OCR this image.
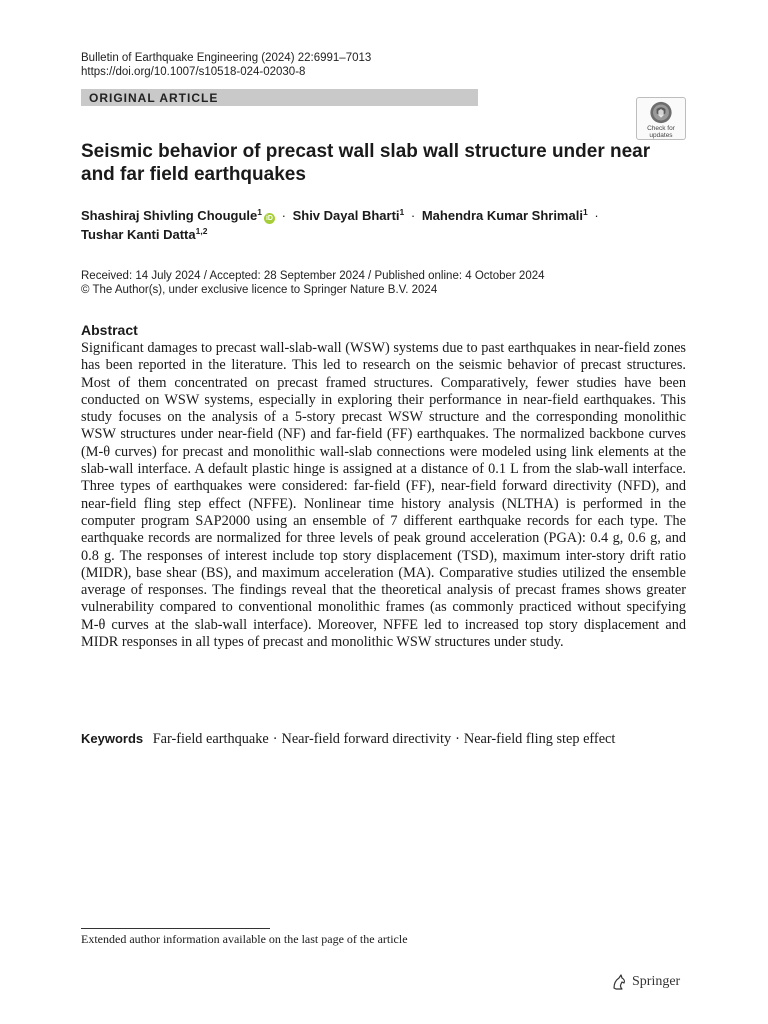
Bulletin of Earthquake Engineering (2024) 22:6991–7013
https://doi.org/10.1007/s10518-024-02030-8
ORIGINAL ARTICLE
Check for
updates
Seismic behavior of precast wall slab wall structure under near and far field earthquakes
Shashiraj Shivling Chougule$^1$iD · Shiv Dayal Bharti$^1$ · Mahendra Kumar Shrimali$^1$ ·
Tushar Kanti Datta$^{1,2}$
Received: 14 July 2024 / Accepted: 28 September 2024 / Published online: 4 October 2024
© The Author(s), under exclusive licence to Springer Nature B.V. 2024
Abstract
Significant damages to precast wall-slab-wall (WSW) systems due to past earthquakes in near-field zones has been reported in the literature. This led to research on the seismic behavior of precast structures. Most of them concentrated on precast framed structures. Comparatively, fewer studies have been conducted on WSW systems, especially in exploring their performance in near-field earthquakes. This study focuses on the analysis of a 5-story precast WSW structure and the corresponding monolithic WSW structures under near-field (NF) and far-field (FF) earthquakes. The normalized backbone curves (M-θ curves) for precast and monolithic wall-slab connections were modeled using link elements at the slab-wall interface. A default plastic hinge is assigned at a distance of 0.1 L from the slab-wall interface. Three types of earthquakes were considered: far-field (FF), near-field forward directivity (NFD), and near-field fling step effect (NFFE). Nonlinear time history analysis (NLTHA) is performed in the computer program SAP2000 using an ensemble of 7 different earthquake records for each type. The earthquake records are normalized for three levels of peak ground acceleration (PGA): 0.4 g, 0.6 g, and 0.8 g. The responses of interest include top story displacement (TSD), maximum inter-story drift ratio (MIDR), base shear (BS), and maximum acceleration (MA). Comparative studies utilized the ensemble average of responses. The findings reveal that the theoretical analysis of precast frames shows greater vulnerability compared to conventional monolithic frames (as commonly practiced without specifying M-θ curves at the slab-wall interface). Moreover, NFFE led to increased top story displacement and MIDR responses in all types of precast and monolithic WSW structures under study.
Keywords Far-field earthquake · Near-field forward directivity · Near-field fling step effect
Extended author information available on the last page of the article
Springer
